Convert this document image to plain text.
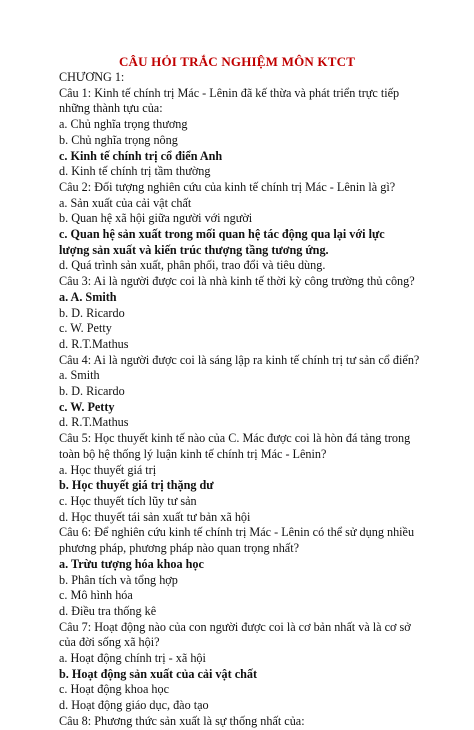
CÂU HỎI TRẮC NGHIỆM MÔN KTCT
CHƯƠNG 1:
Câu 1: Kinh tế chính trị Mác - Lênin đã kế thừa và phát triển trực tiếp
những thành tựu của:
a. Chủ nghĩa trọng thương
b. Chủ nghĩa trọng nông
c. Kinh tế chính trị cổ điển Anh
d. Kinh tế chính trị tầm thường
Câu 2: Đối tượng nghiên cứu của kinh tế chính trị Mác - Lênin là gì?
a. Sản xuất của cải vật chất
b. Quan hệ xã hội giữa người với người
c. Quan hệ sản xuất trong mối quan hệ tác động qua lại với lực
lượng sản xuất và kiến trúc thượng tầng tương ứng.
d. Quá trình sản xuất, phân phối, trao đổi và tiêu dùng.
Câu 3: Ai là người được coi là nhà kinh tế thời kỳ công trường thủ công?
a. A. Smith
b. D. Ricardo
c. W. Petty
d. R.T.Mathus
Câu 4: Ai là người được coi là sáng lập ra kinh tế chính trị tư sản cổ điển?
a. Smith
b. D. Ricardo
c. W. Petty
d. R.T.Mathus
Câu 5: Học thuyết kinh tế nào của C. Mác được coi là hòn đá tảng trong
toàn bộ hệ thống lý luận kinh tế chính trị Mác - Lênin?
a. Học thuyết giá trị
b. Học thuyết giá trị thặng dư
c. Học thuyết tích lũy tư sản
d. Học thuyết tái sản xuất tư bản xã hội
Câu 6: Để nghiên cứu kinh tế chính trị Mác - Lênin có thể sử dụng nhiều
phương pháp, phương pháp nào quan trọng nhất?
a. Trừu tượng hóa khoa học
b. Phân tích và tổng hợp
c. Mô hình hóa
d. Điều tra thống kê
Câu 7: Hoạt động nào của con người được coi là cơ bản nhất và là cơ sở
của đời sống xã hội?
a. Hoạt động chính trị - xã hội
b. Hoạt động sản xuất của cải vật chất
c. Hoạt động khoa học
d. Hoạt động giáo dục, đào tạo
Câu 8: Phương thức sản xuất là sự thống nhất của:
